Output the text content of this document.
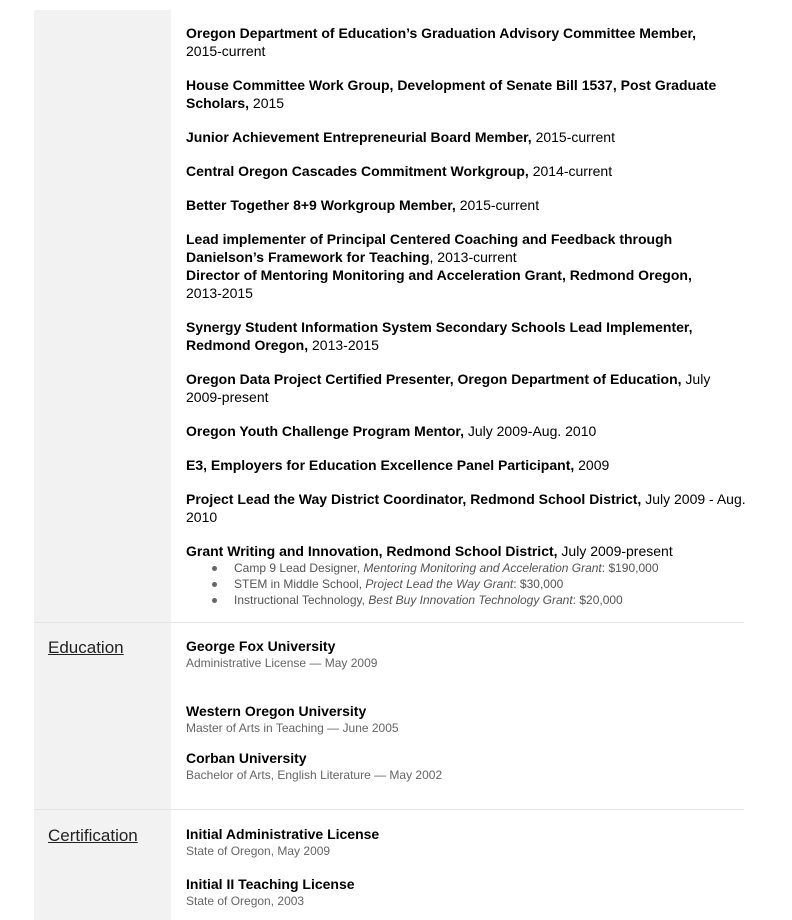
Oregon Department of Education’s Graduation Advisory Committee Member,
2015-current
House Committee Work Group, Development of Senate Bill 1537, Post Graduate Scholars, 2015
Junior Achievement Entrepreneurial Board Member, 2015-current
Central Oregon Cascades Commitment Workgroup, 2014-current
Better Together 8+9 Workgroup Member, 2015-current
Lead implementer of Principal Centered Coaching and Feedback through Danielson’s Framework for Teaching, 2013-current
Director of Mentoring Monitoring and Acceleration Grant, Redmond Oregon,
2013-2015
Synergy Student Information System Secondary Schools Lead Implementer, Redmond Oregon, 2013-2015
Oregon Data Project Certified Presenter, Oregon Department of Education, July 2009-present
Oregon Youth Challenge Program Mentor, July 2009-Aug. 2010
E3, Employers for Education Excellence Panel Participant, 2009
Project Lead the Way District Coordinator, Redmond School District, July 2009 - Aug. 2010
Grant Writing and Innovation, Redmond School District, July 2009-present
Camp 9 Lead Designer, Mentoring Monitoring and Acceleration Grant: $190,000
STEM in Middle School, Project Lead the Way Grant: $30,000
Instructional Technology, Best Buy Innovation Technology Grant: $20,000
Education	George Fox University
Administrative License — May 2009
Western Oregon University
Master of Arts in Teaching — June 2005
Corban University
Bachelor of Arts, English Literature — May 2002
Certification	Initial Administrative License
State of Oregon, May 2009
Initial II Teaching License
State of Oregon, 2003
